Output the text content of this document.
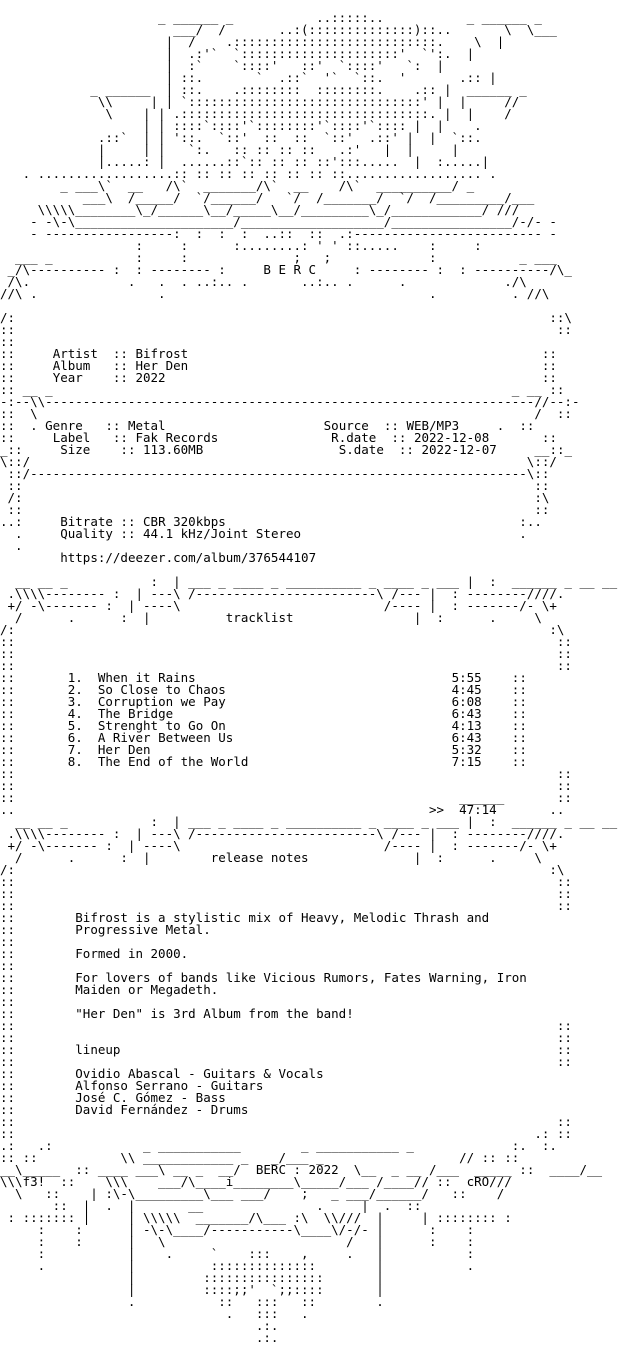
_ ______ _           ..:::::..           _ ______ _
___/  /       ..:(::::::::::::::)::..       \  \___
|  /    .:::::::::::::::::::::::::::.    \  |
|  .:'`  `:::::::::::::::::::::'  `':.  |
|  :`    `::::'   ::'  `::::'   `:  |
| ::.       `  .::`  '`  `::.  '       .:: |
_ ______  | ::.    .::::::::  ::::::::.    .:: |  ______ _
\\     | | `:::::::::::::::::::::::::::::::' |  |     //
\    | | .:::::::::::::::::::::::::::::::::. |  |    /
| | ::::`::::'`::::::::'`::::'`:::: |  |    .
.::`  | | '::.  `::'  ::  ::  `::'  .::' |  |  `::.
|     | |   `:.   :: :: :: ::   .:'   |  |     |
|.....: |  ......::`:: :: :: ::':::.....  |  :.....|
. ..................:: :: :: :: :: :: :: ::.................. .
_ ___\`  __   /\`  _______/\`  __    /\`  __________/ _
___\  /_____/  `/______/   `/  /_______/  `/  /_________/___
\\\\\________\_/______\__/_____\__/_________\_/____________/ ///
- -\-\_____________________/___________________/________________/-/- -
- -----------------:  :  :  :  ..::  ::  .:------------------------- -
:     :      :........: ' ' ::.....    :     :
___ _           :     :              ;   ;             :           _ ___
_/\---------- :  : -------- :     B E R C     : -------- :  : ----------/\_
/\.             .   .  . ..:.. .       ..:.. .      .             ./\
//\ .                .                                   .          . //\

/:                                                                       ::\
::                                                                        ::
::
::     Artist  :: Bifrost                                               ::
::     Album   :: Her Den                                               ::
::     Year    :: 2022                                                  ::
:: __ _                                                             _ __ ::
-:--\\-----------------------------------------------------------------//--:-
::  \                                                                  /  ::
::  . Genre   :: Metal	Source  :: WEB/MP3     .  ::
::     Label   :: Fak Records	R.date  :: 2022-12-08       ::
_::     Size    :: 113.60MB	S.date  :: 2022-12-07     __::_
\::/                                                                  \::/
::/------------------------------------------------------------------\::
::                                                                    ::
/:                                                                    :\
::                                                                    ::
..:     Bitrate :: CBR 320kbps                                       :..
.     Quality :: 44.1 kHz/Joint Stereo                             .
.
https://deezer.com/album/376544107

__ __ _           :  | ___ _ ____ _ __________ _ ____ _ ___ |  :  ______ _ __ __
.\\\\-------- :  | ---\ /------------------------\ /--- |  : --------////.
+/ -\------- :  | ----\                           /---- |  : -------/- \+
/      .      :  |          tracklist                |  :      .     \
/:                                                                       :\
::                                                                        ::
::                                                                        ::
::                                                                        ::
::       1. When it Rains	5:55    ::
::       2. So Close to Chaos	4:45    ::
::       3. Corruption we Pay	6:08    ::
::       4. The Bridge	6:43    ::
::       5. Strenght to Go On	4:13    ::
::       6. A River Between Us	6:43    ::
::       7. Her Den	5:32    ::
::       8. The End of the World	7:15    ::
::                                                                        ::
::                                                                        ::
::                                                           ______       ::
..                                                       >>  47:14       ..
__ __ _           :  | ___ _ ____ _ __________ _ ____ _ ___ |  :  ______ _ __ __
.\\\\-------- :  | ---\ /------------------------\ /--- |  : --------////.
+/ -\------- :  | ----\                           /---- |  : -------/- \+
/      .      :  |        release notes              |  :      .     \
/:                                                                       :\
::                                                                        ::
::                                                                        ::
::                                                                        ::
::        Bifrost is a stylistic mix of Heavy, Melodic Thrash and
::        Progressive Metal.
::
::        Formed in 2000.
::
::        For lovers of bands like Vicious Rumors, Fates Warning, Iron
::        Maiden or Megadeth.
::
::        "Her Den" is 3rd Album from the band!
::                                                                        ::
::                                                                        ::
::        lineup                                                          ::
::                                                                        ::
::        Ovidio Abascal - Guitars & Vocals
::        Alfonso Serrano - Guitars
::        José C. Gómez - Bass
::        David Fernández - Drums
::                                                                        ::
::                                                                     .: ::
.:   .:            _ ___________        _ ___________ _             :.  :.
:: ::           \\ ____________ _   _/___ _                  // :: ::
__\_____  :: ____ ___\ __ _  __/  BERC : 2022  \__  _ __ /___  _____ ::  ____/__
\\\f3!  ::    \\\    ___/\____i________\_____/___ /____// ::  cRO///
\   ::    | :\-\_________\___ ___/    ;   _ ___/______/   ::    /
::  |  .  |       __               .     |  .  ::
: ::::::: |     | \\\\\  _______/\___ :\  \\///  |     | :::::::: :
:    :      | -\-\____/-----------\____\/-/- |      :    :
:    :      |   \                        /   |      :    :
:           |    .     `    :::    ,     .   |           :
.           |          ::::::::::::::        |           .
|         ::::::::::::::::       |
|         ::::;;'  `;;::::       |
.           ::   :::   ::        .
.   :::   .
.:.
.:.
